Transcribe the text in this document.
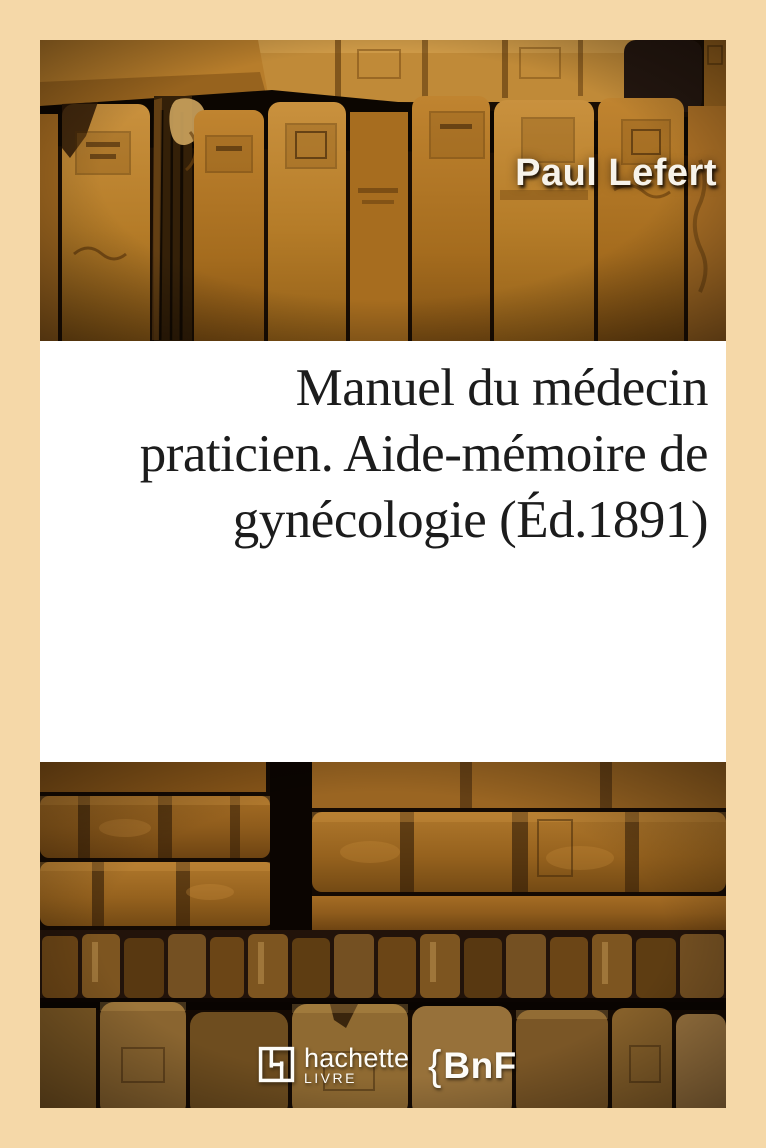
Paul Lefert
Manuel du médecin
praticien. Aide-mémoire de
gynécologie (Éd.1891)
hachette
LIVRE	{ BnF
